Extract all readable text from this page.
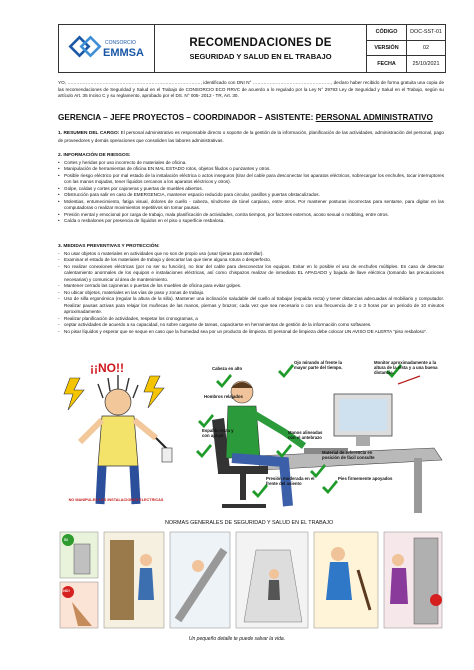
CONSORCIO
EMMSA
RECOMENDACIONES DE
SEGURIDAD Y SALUD EN EL TRABAJO
CÓDIGO	DOC-SST-01
VERSIÓN	02
FECHA	25/10/2021
YO, ……………………………………………………………………………, identificado con DNI N° ……………………………………………, declaro haber recibido de forma gratuita una copia de las recomendaciones de Seguridad y Salud en el Trabajo de CONSORCIO ECO RRVC de acuerdo a lo regulado por la Ley N° 29783 Ley de Seguridad y Salud en el Trabajo, según su artículo Art. 35 Inciso C y su reglamento, aprobado por el DS. N° 005- 2012 - TR, Art. 30.
GERENCIA – JEFE PROYECTOS – COORDINADOR – ASISTENTE: PERSONAL ADMINISTRATIVO
1. RESUMEN DEL CARGO: El personal administrativo es responsable directo o soporte de la gestión de la información, planificación de las actividades, administración del personal, pago de proveedores y demás operaciones que consoliden las labores administrativas.
2. INFORMACIÓN DE RIESGOS:
• Cortes y heridas por uso incorrecto de materiales de oficina.
• Manipulación de herramientas de oficina EN MAL ESTADO rotos, objetos filudos o punzantes y otros.
• Posible riesgo eléctrico por mal estado de la instalación eléctrica o actos inseguros (tirar del cable para desconectar los aparatos eléctricos, sobrecargar los enchufes, tocar interruptores con las manos mojadas, tener líquidos cercanos a los aparatos eléctricos y otros).
• Golpe, caídas y cortes por cajoneras y puertas de muebles abiertos.
• Obstrucción para salir en caso de EMERGENCIA, mantener espacio reducido para circular, pasillos y puertas obstaculizados.
• Molestias, entumecimiento, fatiga visual, dolores de cuello - cabeza, síndrome de túnel carpiano, entre otros. Por mantener posturas incorrectas para sentarse, para digitar en las computadoras o realizar movimientos repetitivos sin tomar pausas.
• Presión mental y emocional por carga de trabajo, mala planificación de actividades, contra tiempos, por factores externos, acoso sexual o mobbing, entre otros.
• Caída o resbalones por presencia de líquidos en el piso o superficie resbalosa.
3. MEDIDAS PREVENTIVAS Y PROTECCIÓN:
- No usar objetos o materiales en actividades que no son de propio uso (usar tijeras para atornillar).
- Examinar el estado de los materiales de trabajo y descartar las que tiene alguna rotura o desperfecto.
- No realizar conexiones eléctricas (por no ser su función), no tirar del cable para desconectar los equipos. Evitar en lo posible el uso de enchufes múltiples. En caso de detectar calentamiento anormales de los equipos e instalaciones eléctricas, así como chispazos realizar de inmediato EL APAGADO y bajada de llave eléctrica (tomando las precauciones necesarias) y comunicar al área de mantenimiento.
- Mantener cerrado las cajoneras o puertas de los muebles de oficina para evitar golpes.
- No ubicar objetos, materiales en las vías de paso y zonas de trabajo.
- Uso de silla ergonómica (regular la altura de la silla). Mantener una inclinación saludable del cuello al trabajar (espalda recta) y tener distancias adecuadas al mobiliario y computador. Realizar pausas activas para relajar los muñecas de las manos, piernas y brazos; cada vez que sea necesario o con una frecuencia de 2 o 3 horas por un periodo de 10 minutos aproximadamente.
- Realizar planificación de actividades, respetar los cronogramas, a
- ceptar actividades de acuerdo a su capacidad, no sobre cargarse de tareas, capacitarse en herramientas de gestión de la información como softwares.
- No pisar líquidos y esperar que se seque en caso que la humedad sea por un producto de limpieza. El personal de limpieza debe colocar UN AVISO DE ALERTA "piso resbaloso".
¡¡NO!!
NO MANIPULES LAS INSTALACIONES ELECTRICAS
Cabeza en alto
Hombros relajados
Espalda recta y con apoyo
Ojo mirando al frente la mayor parte del tiempo.
Monitor aproximadamente a la altura de la vista y a una buena distancia.
Manos alineadas con el antebrazo
Material de referencia en posición de fácil consulte
Presión moderada en el frente del asiento
Pies firmemente apoyados
NORMAS GENERALES DE SEGURIDAD Y SALUD EN EL TRABAJO
SI
¡NO!
Un pequeño detalle te puede salvar la vida.
